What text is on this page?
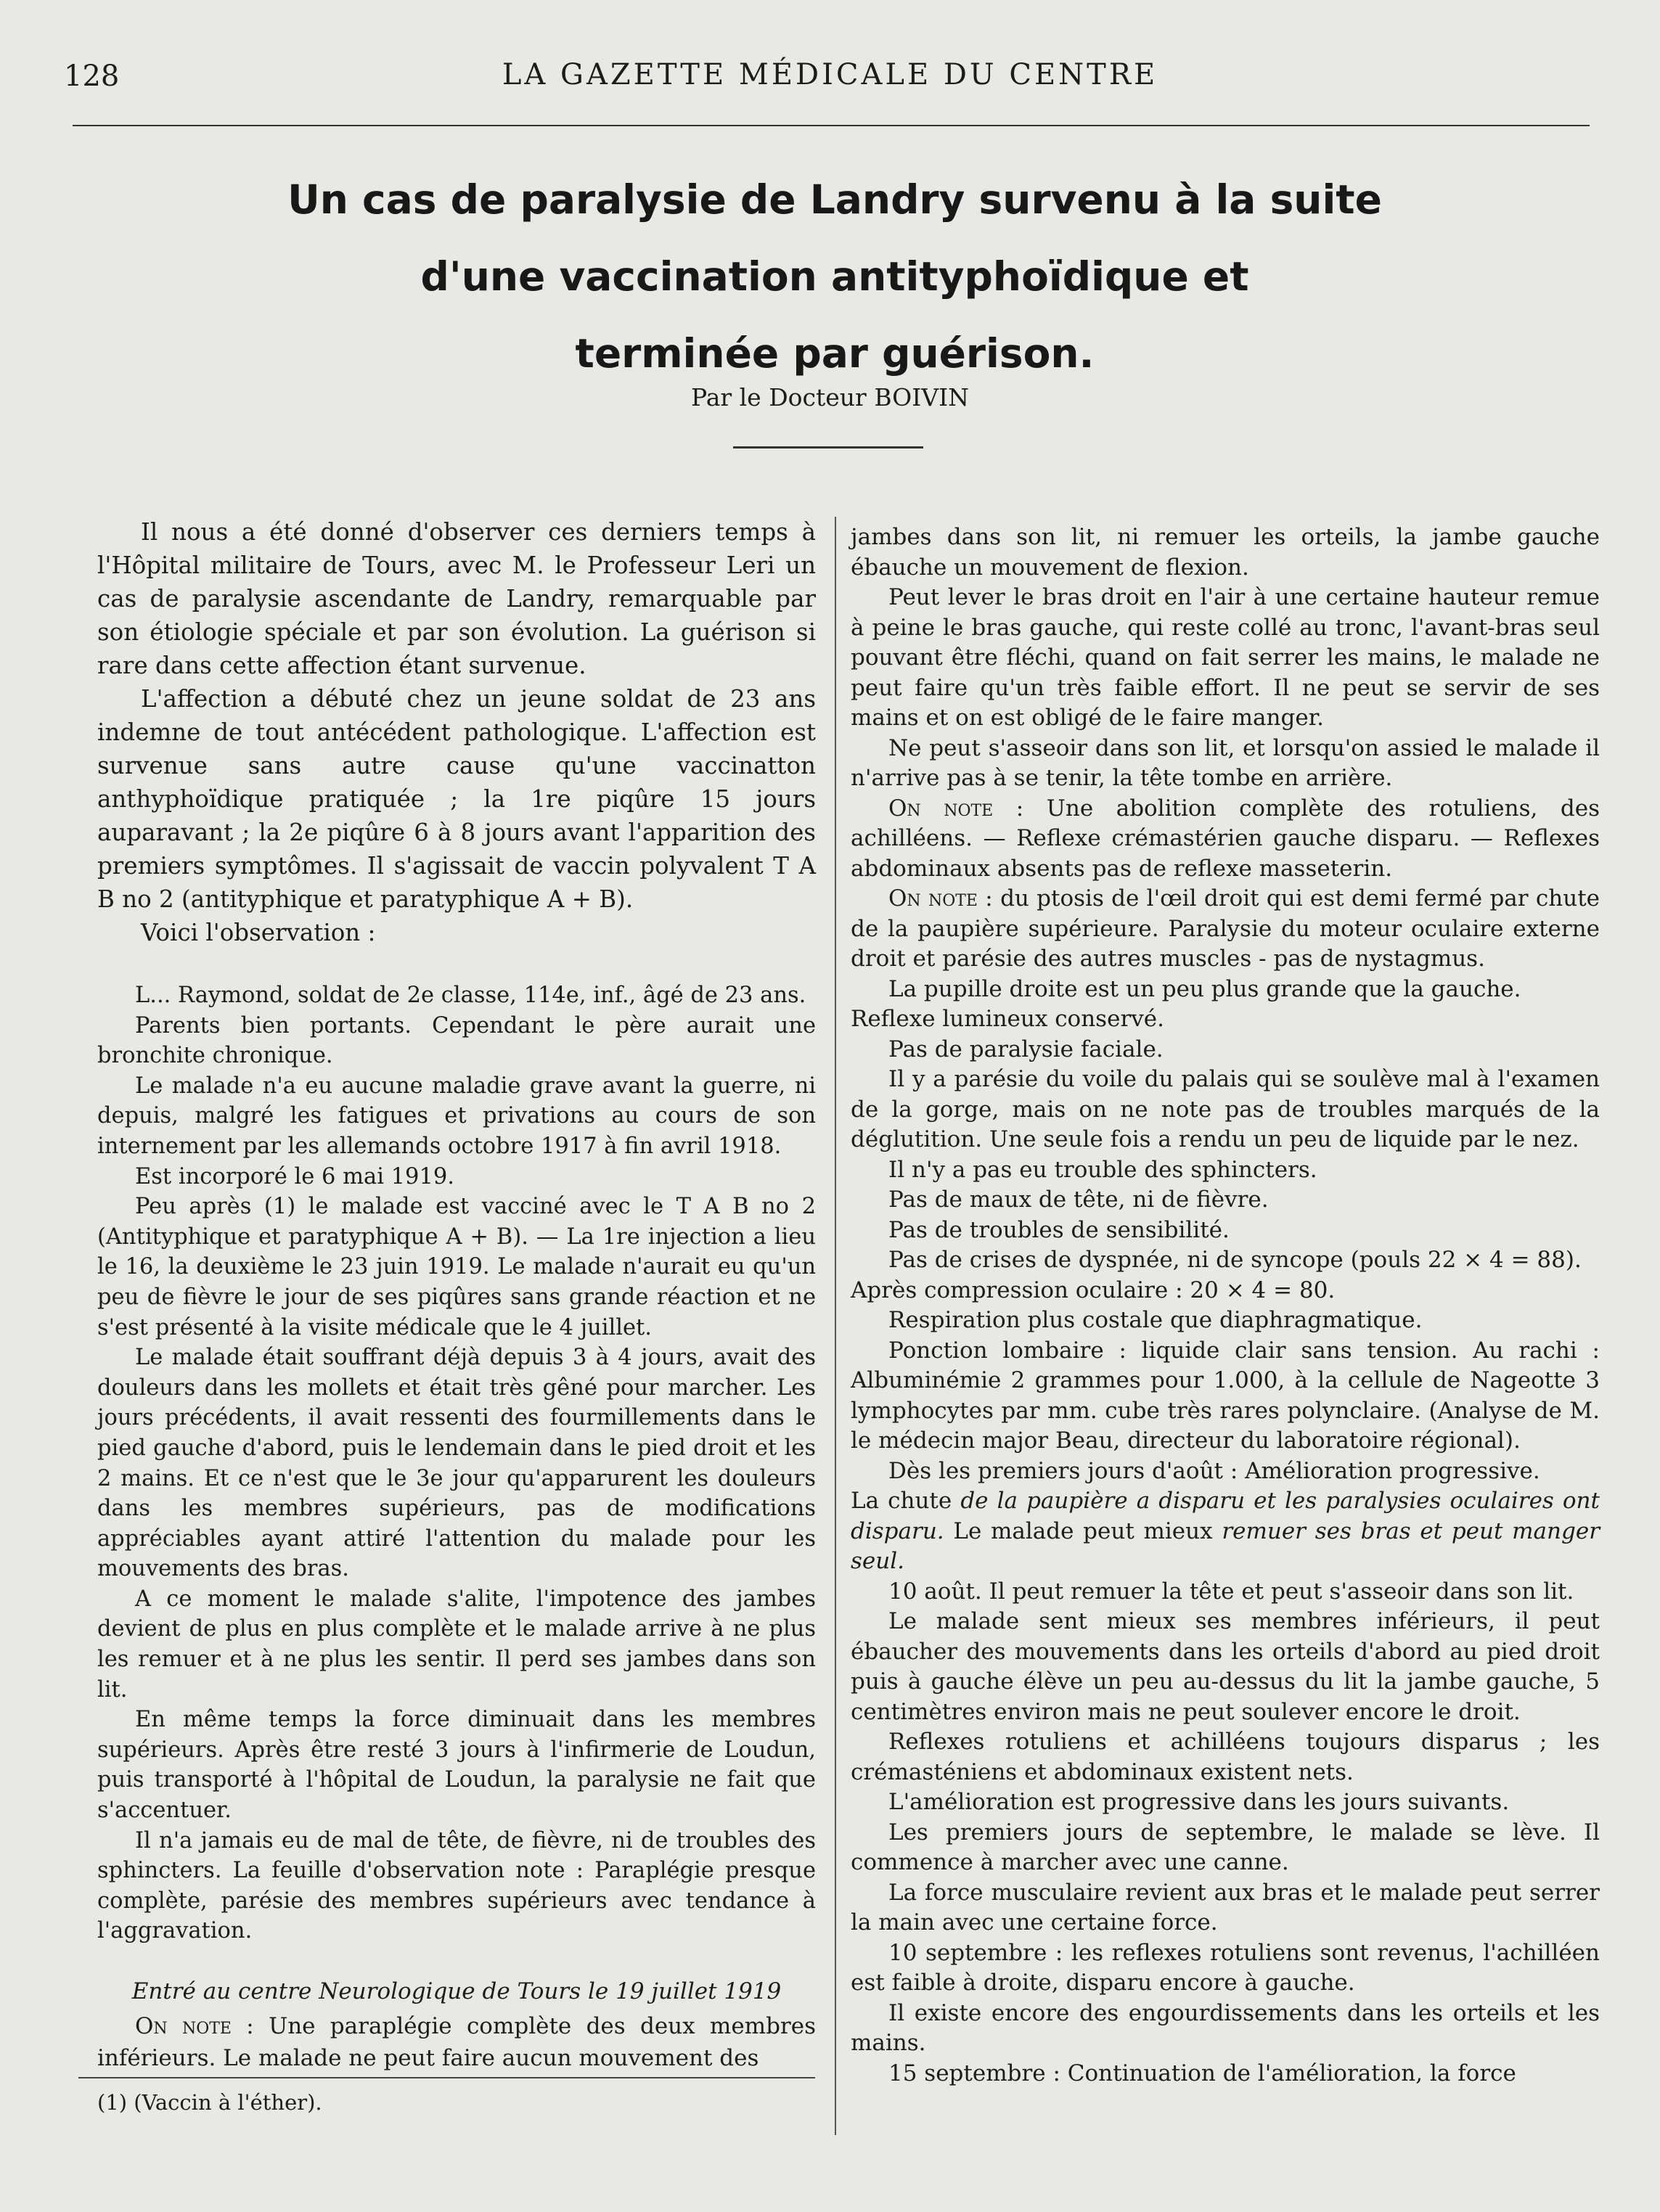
128	LA GAZETTE MÉDICALE DU CENTRE
Un cas de paralysie de Landry survenu à la suite
d'une vaccination antityphoïdique et
terminée par guérison.
Par le Docteur BOIVIN

Il nous a été donné d'observer ces derniers temps à l'Hôpital militaire de Tours, avec M. le Professeur Leri un cas de paralysie ascendante de Landry, remarquable par son étiologie spéciale et par son évolution. La guérison si rare dans cette affection étant survenue.

L'affection a débuté chez un jeune soldat de 23 ans indemne de tout antécédent pathologique. L'affection est survenue sans autre cause qu'une vaccinatton anthyphoïdique pratiquée ; la 1re piqûre 15 jours auparavant ; la 2e piqûre 6 à 8 jours avant l'apparition des premiers symptômes. Il s'agissait de vaccin polyvalent T A B no 2 (antityphique et paratyphique A + B).

Voici l'observation :

L... Raymond, soldat de 2e classe, 114e, inf., âgé de 23 ans.

Parents bien portants. Cependant le père aurait une bronchite chronique.

Le malade n'a eu aucune maladie grave avant la guerre, ni depuis, malgré les fatigues et privations au cours de son internement par les allemands octobre 1917 à fin avril 1918.

Est incorporé le 6 mai 1919.

Peu après (1) le malade est vacciné avec le T A B no 2 (Antityphique et paratyphique A + B). — La 1re injection a lieu le 16, la deuxième le 23 juin 1919. Le malade n'aurait eu qu'un peu de fièvre le jour de ses piqûres sans grande réaction et ne s'est présenté à la visite médicale que le 4 juillet.

Le malade était souffrant déjà depuis 3 à 4 jours, avait des douleurs dans les mollets et était très gêné pour marcher. Les jours précédents, il avait ressenti des fourmillements dans le pied gauche d'abord, puis le lendemain dans le pied droit et les 2 mains. Et ce n'est que le 3e jour qu'apparurent les douleurs dans les membres supérieurs, pas de modifications appréciables ayant attiré l'attention du malade pour les mouvements des bras.

A ce moment le malade s'alite, l'impotence des jambes devient de plus en plus complète et le malade arrive à ne plus les remuer et à ne plus les sentir. Il perd ses jambes dans son lit.

En même temps la force diminuait dans les membres supérieurs. Après être resté 3 jours à l'infirmerie de Loudun, puis transporté à l'hôpital de Loudun, la paralysie ne fait que s'accentuer.

Il n'a jamais eu de mal de tête, de fièvre, ni de troubles des sphincters. La feuille d'observation note : Paraplégie presque complète, parésie des membres supérieurs avec tendance à l'aggravation.

Entré au centre Neurologique de Tours le 19 juillet 1919

On note : Une paraplégie complète des deux membres inférieurs. Le malade ne peut faire aucun mouvement des

jambes dans son lit, ni remuer les orteils, la jambe gauche ébauche un mouvement de flexion.

Peut lever le bras droit en l'air à une certaine hauteur remue à peine le bras gauche, qui reste collé au tronc, l'avant-bras seul pouvant être fléchi, quand on fait serrer les mains, le malade ne peut faire qu'un très faible effort. Il ne peut se servir de ses mains et on est obligé de le faire manger.

Ne peut s'asseoir dans son lit, et lorsqu'on assied le malade il n'arrive pas à se tenir, la tête tombe en arrière.

On note : Une abolition complète des rotuliens, des achilléens. — Reflexe crémastérien gauche disparu. — Reflexes abdominaux absents pas de reflexe masseterin.

On note : du ptosis de l'œil droit qui est demi fermé par chute de la paupière supérieure. Paralysie du moteur oculaire externe droit et parésie des autres muscles - pas de nystagmus.

La pupille droite est un peu plus grande que la gauche.

Reflexe lumineux conservé.

Pas de paralysie faciale.

Il y a parésie du voile du palais qui se soulève mal à l'examen de la gorge, mais on ne note pas de troubles marqués de la déglutition. Une seule fois a rendu un peu de liquide par le nez.

Il n'y a pas eu trouble des sphincters.

Pas de maux de tête, ni de fièvre.

Pas de troubles de sensibilité.

Pas de crises de dyspnée, ni de syncope (pouls 22 × 4 = 88).

Après compression oculaire : 20 × 4 = 80.

Respiration plus costale que diaphragmatique.

Ponction lombaire : liquide clair sans tension. Au rachi : Albuminémie 2 grammes pour 1.000, à la cellule de Nageotte 3 lymphocytes par mm. cube très rares polynclaire. (Analyse de M. le médecin major Beau, directeur du laboratoire régional).

Dès les premiers jours d'août : Amélioration progressive.

La chute de la paupière a disparu et les paralysies oculaires ont disparu. Le malade peut mieux remuer ses bras et peut manger seul.

10 août. Il peut remuer la tête et peut s'asseoir dans son lit.

Le malade sent mieux ses membres inférieurs, il peut ébaucher des mouvements dans les orteils d'abord au pied droit puis à gauche élève un peu au-dessus du lit la jambe gauche, 5 centimètres environ mais ne peut soulever encore le droit.

Reflexes rotuliens et achilléens toujours disparus ; les crémasténiens et abdominaux existent nets.

L'amélioration est progressive dans les jours suivants.

Les premiers jours de septembre, le malade se lève. Il commence à marcher avec une canne.

La force musculaire revient aux bras et le malade peut serrer la main avec une certaine force.

10 septembre : les reflexes rotuliens sont revenus, l'achilléen est faible à droite, disparu encore à gauche.

Il existe encore des engourdissements dans les orteils et les mains.

15 septembre : Continuation de l'amélioration, la force

(1) (Vaccin à l'éther).
